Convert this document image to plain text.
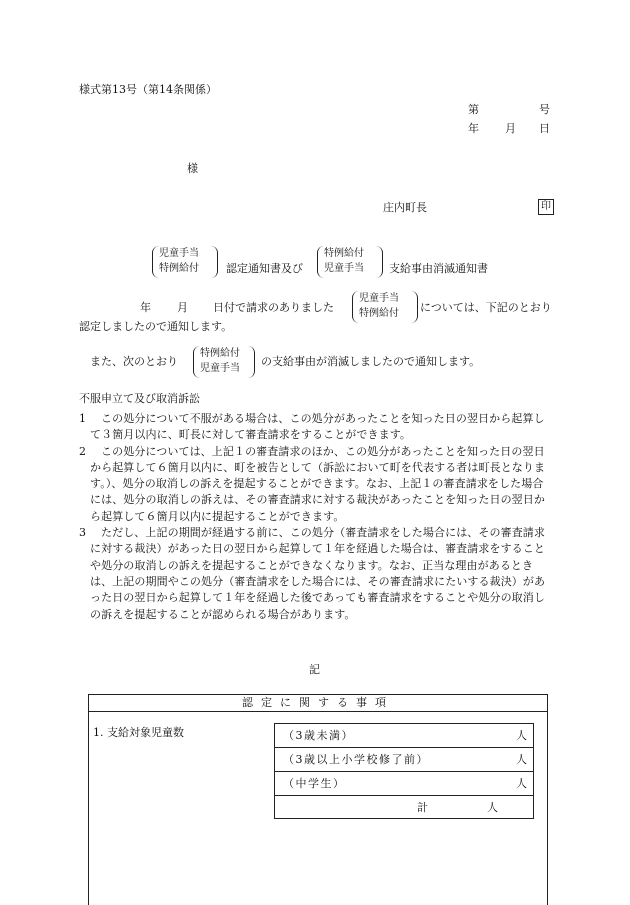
様式第13号（第14条関係）
第	号
年 月 日
様
庄内町長	印
児童手当
特例給付 認定通知書及び
特例給付
児童手当 支給事由消滅通知書
年 月 日付で請求のありました
児童手当
特例給付 については、下記のとおり
認定しましたので通知します。
また、次のとおり
特例給付
児童手当
の支給事由が消滅しましたので通知します。
不服申立て及び取消訴訟
1	この処分について不服がある場合は、この処分があったことを知った日の翌日から起算して３箇月以内に、町長に対して審査請求をすることができます。
2	この処分については、上記１の審査請求のほか、この処分があったことを知った日の翌日から起算して６箇月以内に、町を被告として（訴訟において町を代表する者は町長となります。）、処分の取消しの訴えを提起することができます。なお、上記１の審査請求をした場合には、処分の取消しの訴えは、その審査請求に対する裁決があったことを知った日の翌日から起算して６箇月以内に提起することができます。
3	ただし、上記の期間が経過する前に、この処分（審査請求をした場合には、その審査請求に対する裁決）があった日の翌日から起算して１年を経過した場合は、審査請求をすることや処分の取消しの訴えを提起することができなくなります。なお、正当な理由があるときは、上記の期間やこの処分（審査請求をした場合には、その審査請求にたいする裁決）があった日の翌日から起算して１年を経過した後であっても審査請求をすることや処分の取消しの訴えを提起することが認められる場合があります。
記
認定に関する事項
1. 支給対象児童数	（3歳未満）	人
（3歳以上小学校修了前）	人
（中学生）	人
計	人
